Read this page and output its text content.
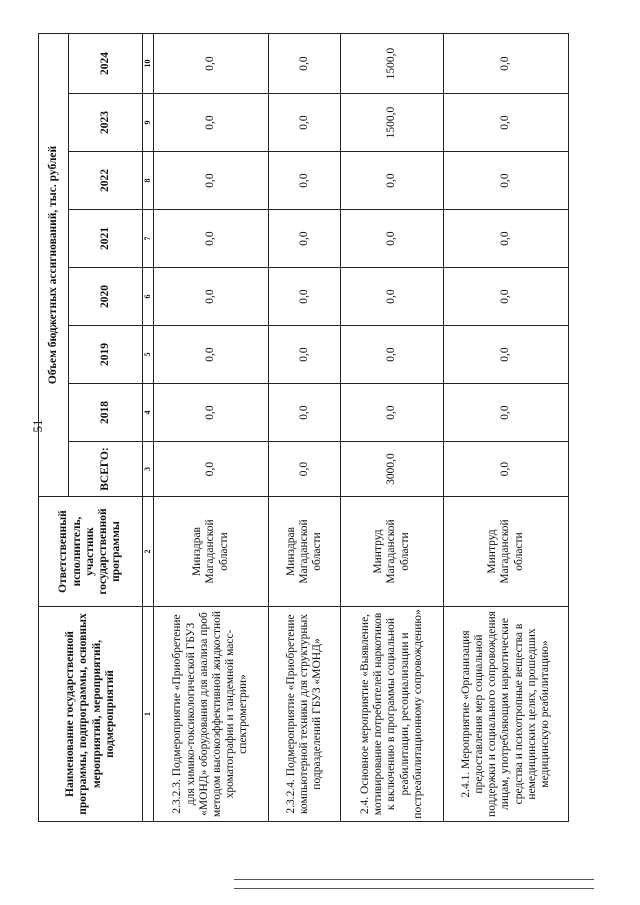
51
Наименование государственной программы, подпрограммы, основных мероприятий, мероприятий, подмероприятий	Ответственный исполнитель, участник государственной программы	Объем бюджетных ассигнований, тыс. рублей							
		ВСЕГО:	2018	2019	2020	2021	2022	2023	2024
1	2	3	4	5	6	7	8	9	10
2.3.2.3. Подмероприятие «Приобретение для химико-токсикологической ГБУЗ «МОНД» оборудования для анализа проб методом высокоэффективной жидкостной хроматографии и тандемной масс-спектрометрии»	Минздрав Магаданской области	0,0	0,0	0,0	0,0	0,0	0,0	0,0	0,0
2.3.2.4. Подмероприятие «Приобретение компьютерной техники для структурных подразделений ГБУЗ «МОНД»	Минздрав Магаданской области	0,0	0,0	0,0	0,0	0,0	0,0	0,0	0,0
2.4. Основное мероприятие «Выявление, мотивирование потребителей наркотиков к включению в программы социальной реабилитации, ресоциализации и постреабилитационному сопровождению»	Минтруд Магаданской области	3000,0	0,0	0,0	0,0	0,0	0,0	1500,0	1500,0
2.4.1. Мероприятие «Организация предоставления мер социальной поддержки и социального сопровождения лицам, употребляющим наркотические средства и психотропные вещества в немедицинских целях, прошедших медицинскую реабилитацию»	Минтруд Магаданской области	0,0	0,0	0,0	0,0	0,0	0,0	0,0	0,0
